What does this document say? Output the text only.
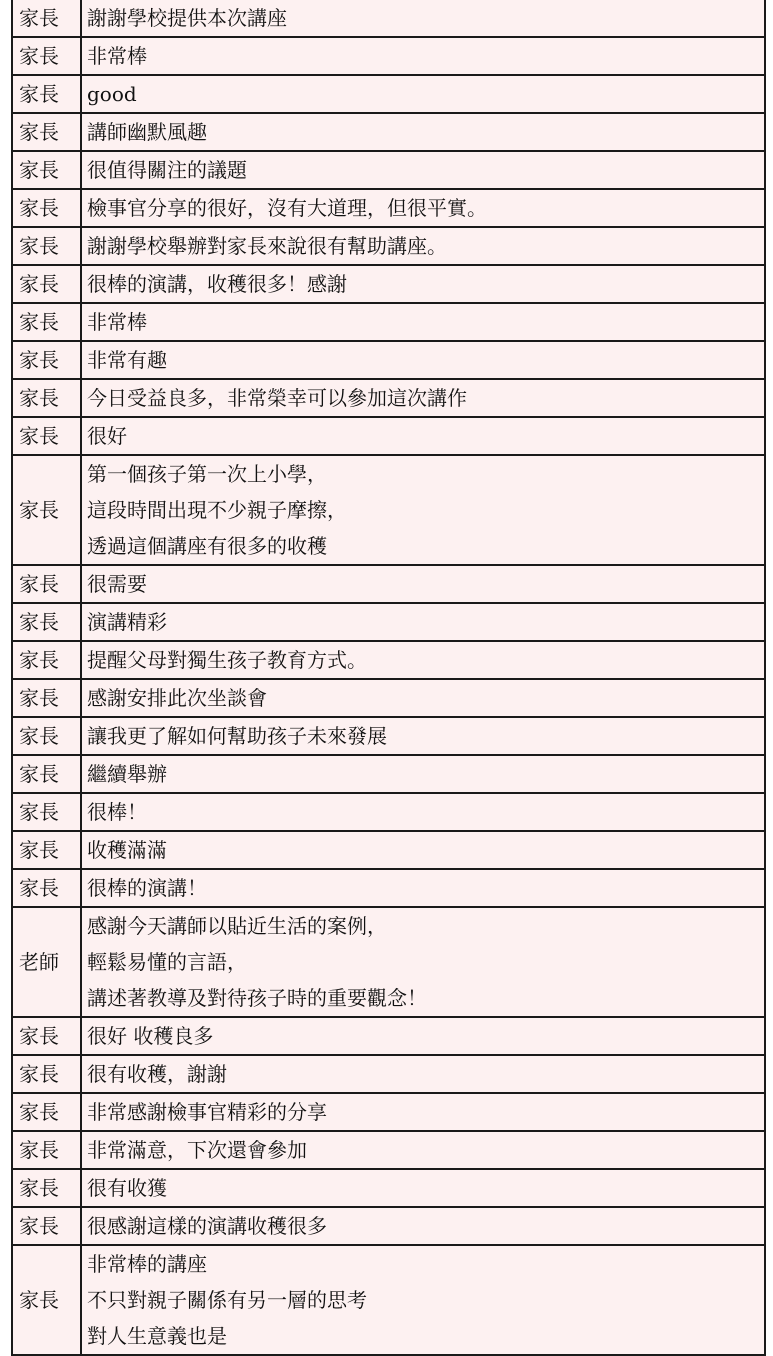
家長	謝謝學校提供本次講座

家長	非常棒

家長	good

家長	講師幽默風趣

家長	很值得關注的議題

家長	檢事官分享的很好，沒有大道理，但很平實。

家長	謝謝學校舉辦對家長來說很有幫助講座。

家長	很棒的演講，收穫很多！感謝

家長	非常棒

家長	非常有趣

家長	今日受益良多，非常榮幸可以參加這次講作

家長	很好

家長	第一個孩子第一次上小學，
這段時間出現不少親子摩擦，
透過這個講座有很多的收穫

家長	很需要

家長	演講精彩

家長	提醒父母對獨生孩子教育方式。

家長	感謝安排此次坐談會

家長	讓我更了解如何幫助孩子未來發展

家長	繼續舉辦

家長	很棒！

家長	收穫滿滿

家長	很棒的演講！

老師	感謝今天講師以貼近生活的案例，
輕鬆易懂的言語，
講述著教導及對待孩子時的重要觀念！

家長	很好 收穫良多

家長	很有收穫，謝謝

家長	非常感謝檢事官精彩的分享

家長	非常滿意，下次還會參加

家長	很有收獲

家長	很感謝這樣的演講收穫很多

家長	非常棒的講座
不只對親子關係有另一層的思考
對人生意義也是
